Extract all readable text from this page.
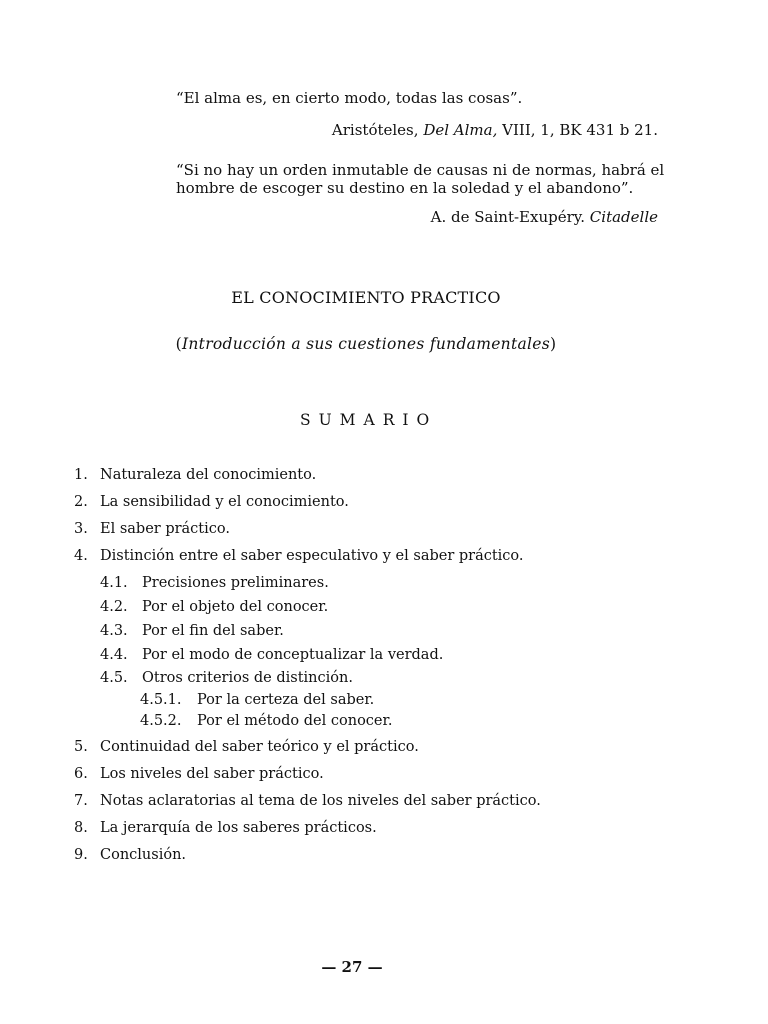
“El alma es, en cierto modo, todas las cosas”.
Aristóteles, Del Alma, VIII, 1, BK 431 b 21.
“Si no hay un orden inmutable de causas ni de normas, habrá el
hombre de escoger su destino en la soledad y el abandono”.
A. de Saint-Exupéry. Citadelle
EL CONOCIMIENTO PRACTICO
(Introducción a sus cuestiones fundamentales)
SUMARIO
1. Naturaleza del conocimiento.
2. La sensibilidad y el conocimiento.
3. El saber práctico.
4. Distinción entre el saber especulativo y el saber práctico.
4.1. Precisiones preliminares.
4.2. Por el objeto del conocer.
4.3. Por el fin del saber.
4.4. Por el modo de conceptualizar la verdad.
4.5. Otros criterios de distinción.
4.5.1. Por la certeza del saber.
4.5.2. Por el método del conocer.
5. Continuidad del saber teórico y el práctico.
6. Los niveles del saber práctico.
7. Notas aclaratorias al tema de los niveles del saber práctico.
8. La jerarquía de los saberes prácticos.
9. Conclusión.
— 27 —
